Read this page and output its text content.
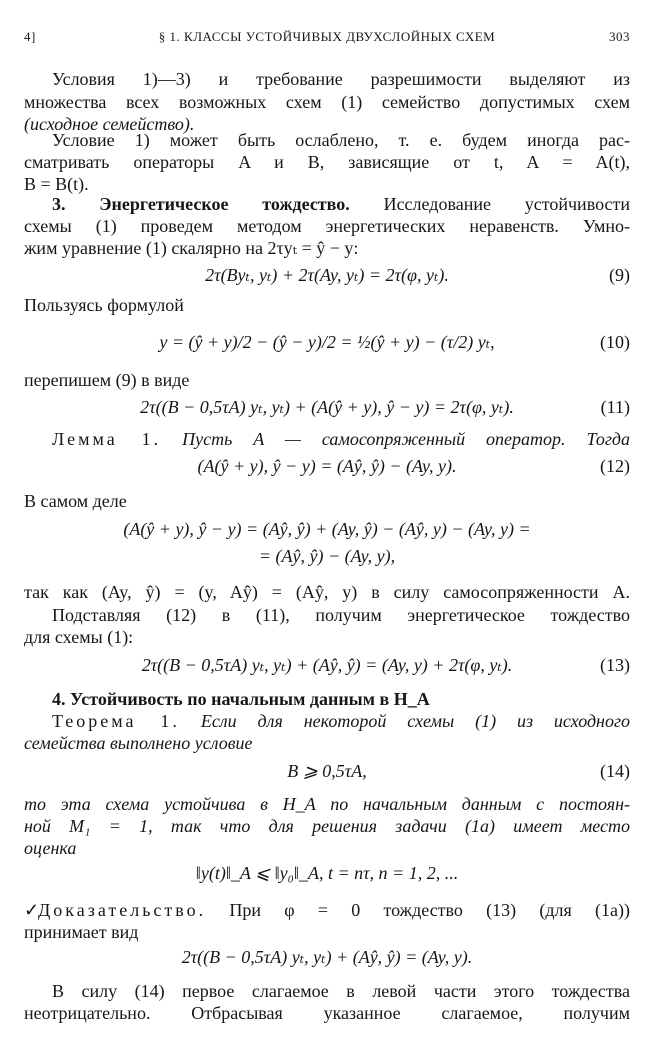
4]	§ 1. КЛАССЫ УСТОЙЧИВЫХ ДВУХСЛОЙНЫХ СХЕМ	303
Условия 1)—3) и требование разрешимости выделяют из
множества всех возможных схем (1) семейство допустимых схем
(исходное семейство).
Условие 1) может быть ослаблено, т. е. будем иногда рас-
сматривать операторы A и B, зависящие от t, A = A(t),
B = B(t).
3. Энергетическое тождество. Исследование устойчивости
схемы (1) проведем методом энергетических неравенств. Умно-
жим уравнение (1) скалярно на 2τyₜ = ŷ − y:
2τ(Byₜ, yₜ) + 2τ(Ay, yₜ) = 2τ(φ, yₜ).	(9)
Пользуясь формулой
y = (ŷ + y)/2 − (ŷ − y)/2 = ½(ŷ + y) − (τ/2) yₜ,	(10)
перепишем (9) в виде
2τ((B − 0,5τA) yₜ, yₜ) + (A(ŷ + y), ŷ − y) = 2τ(φ, yₜ).	(11)
Лемма 1. Пусть A — самосопряженный оператор. Тогда
(A(ŷ + y), ŷ − y) = (Aŷ, ŷ) − (Ay, y).	(12)
В самом деле
(A(ŷ + y), ŷ − y) = (Aŷ, ŷ) + (Ay, ŷ) − (Aŷ, y) − (Ay, y) =
= (Aŷ, ŷ) − (Ay, y),
так как (Ay, ŷ) = (y, Aŷ) = (Aŷ, y) в силу самосопряженности A.
Подставляя (12) в (11), получим энергетическое тождество
для схемы (1):
2τ((B − 0,5τA) yₜ, yₜ) + (Aŷ, ŷ) = (Ay, y) + 2τ(φ, yₜ).	(13)
4. Устойчивость по начальным данным в H_A
Теорема 1. Если для некоторой схемы (1) из исходного
семейства выполнено условие
B ⩾ 0,5τA,	(14)
то эта схема устойчива в H_A по начальным данным с постоян-
ной M₁ = 1, так что для решения задачи (1a) имеет место
оценка
‖y(t)‖_A ⩽ ‖y₀‖_A, t = nτ, n = 1, 2, ...
✓Доказательство. При φ = 0 тождество (13) (для (1a))
принимает вид
2τ((B − 0,5τA) yₜ, yₜ) + (Aŷ, ŷ) = (Ay, y).
В силу (14) первое слагаемое в левой части этого тождества
неотрицательно. Отбрасывая указанное слагаемое, получим
